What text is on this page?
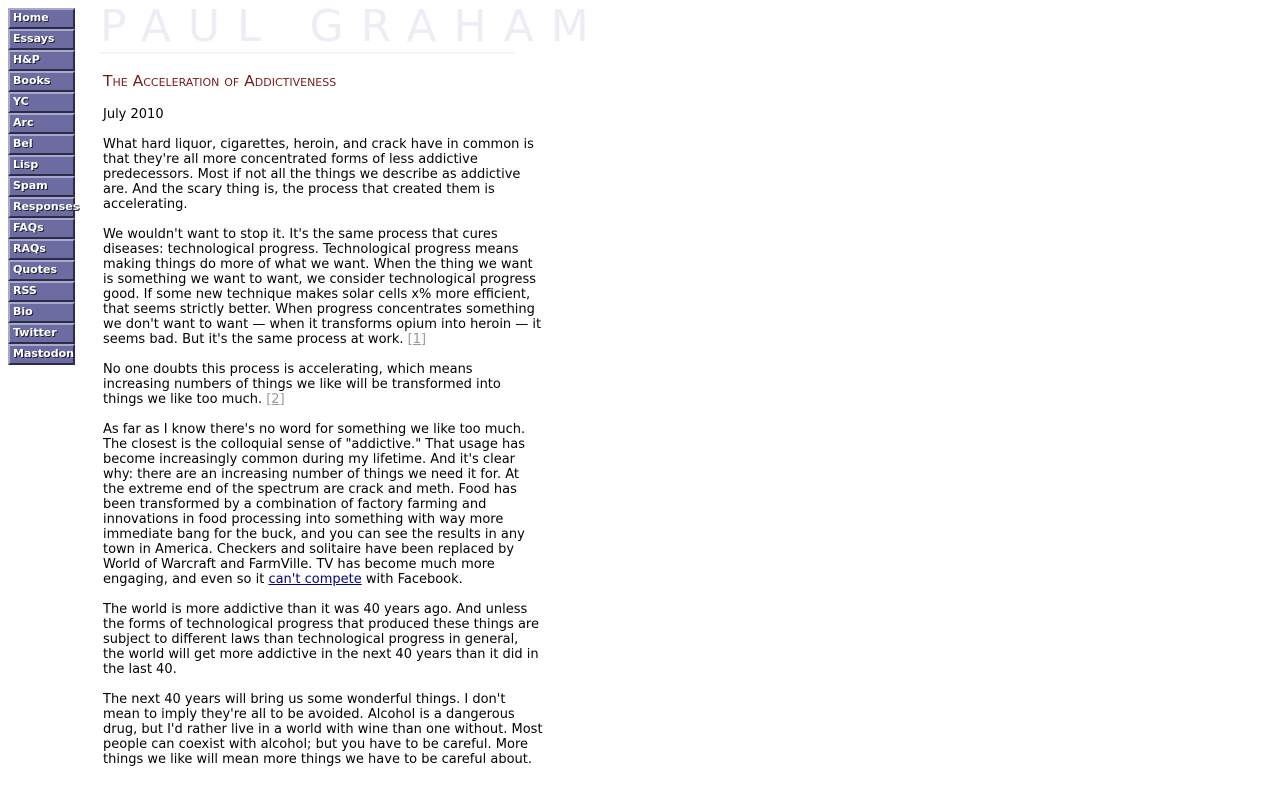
Home
Essays
H&P
Books
YC
Arc
Bel
Lisp
Spam
Responses
FAQs
RAQs
Quotes
RSS
Bio
Twitter
Mastodon
PAUL GRAHAM
The Acceleration of Addictiveness
July 2010

What hard liquor, cigarettes, heroin, and crack have in common is that they're all more concentrated forms of less addictive predecessors. Most if not all the things we describe as addictive are. And the scary thing is, the process that created them is accelerating.

We wouldn't want to stop it. It's the same process that cures diseases: technological progress. Technological progress means making things do more of what we want. When the thing we want is something we want to want, we consider technological progress good. If some new technique makes solar cells x% more efficient, that seems strictly better. When progress concentrates something we don't want to want — when it transforms opium into heroin — it seems bad. But it's the same process at work. [1]

No one doubts this process is accelerating, which means increasing numbers of things we like will be transformed into things we like too much. [2]

As far as I know there's no word for something we like too much. The closest is the colloquial sense of "addictive." That usage has become increasingly common during my lifetime. And it's clear why: there are an increasing number of things we need it for. At the extreme end of the spectrum are crack and meth. Food has been transformed by a combination of factory farming and innovations in food processing into something with way more immediate bang for the buck, and you can see the results in any town in America. Checkers and solitaire have been replaced by World of Warcraft and FarmVille. TV has become much more engaging, and even so it can't compete with Facebook.

The world is more addictive than it was 40 years ago. And unless the forms of technological progress that produced these things are subject to different laws than technological progress in general, the world will get more addictive in the next 40 years than it did in the last 40.

The next 40 years will bring us some wonderful things. I don't mean to imply they're all to be avoided. Alcohol is a dangerous drug, but I'd rather live in a world with wine than one without. Most people can coexist with alcohol; but you have to be careful. More things we like will mean more things we have to be careful about.
